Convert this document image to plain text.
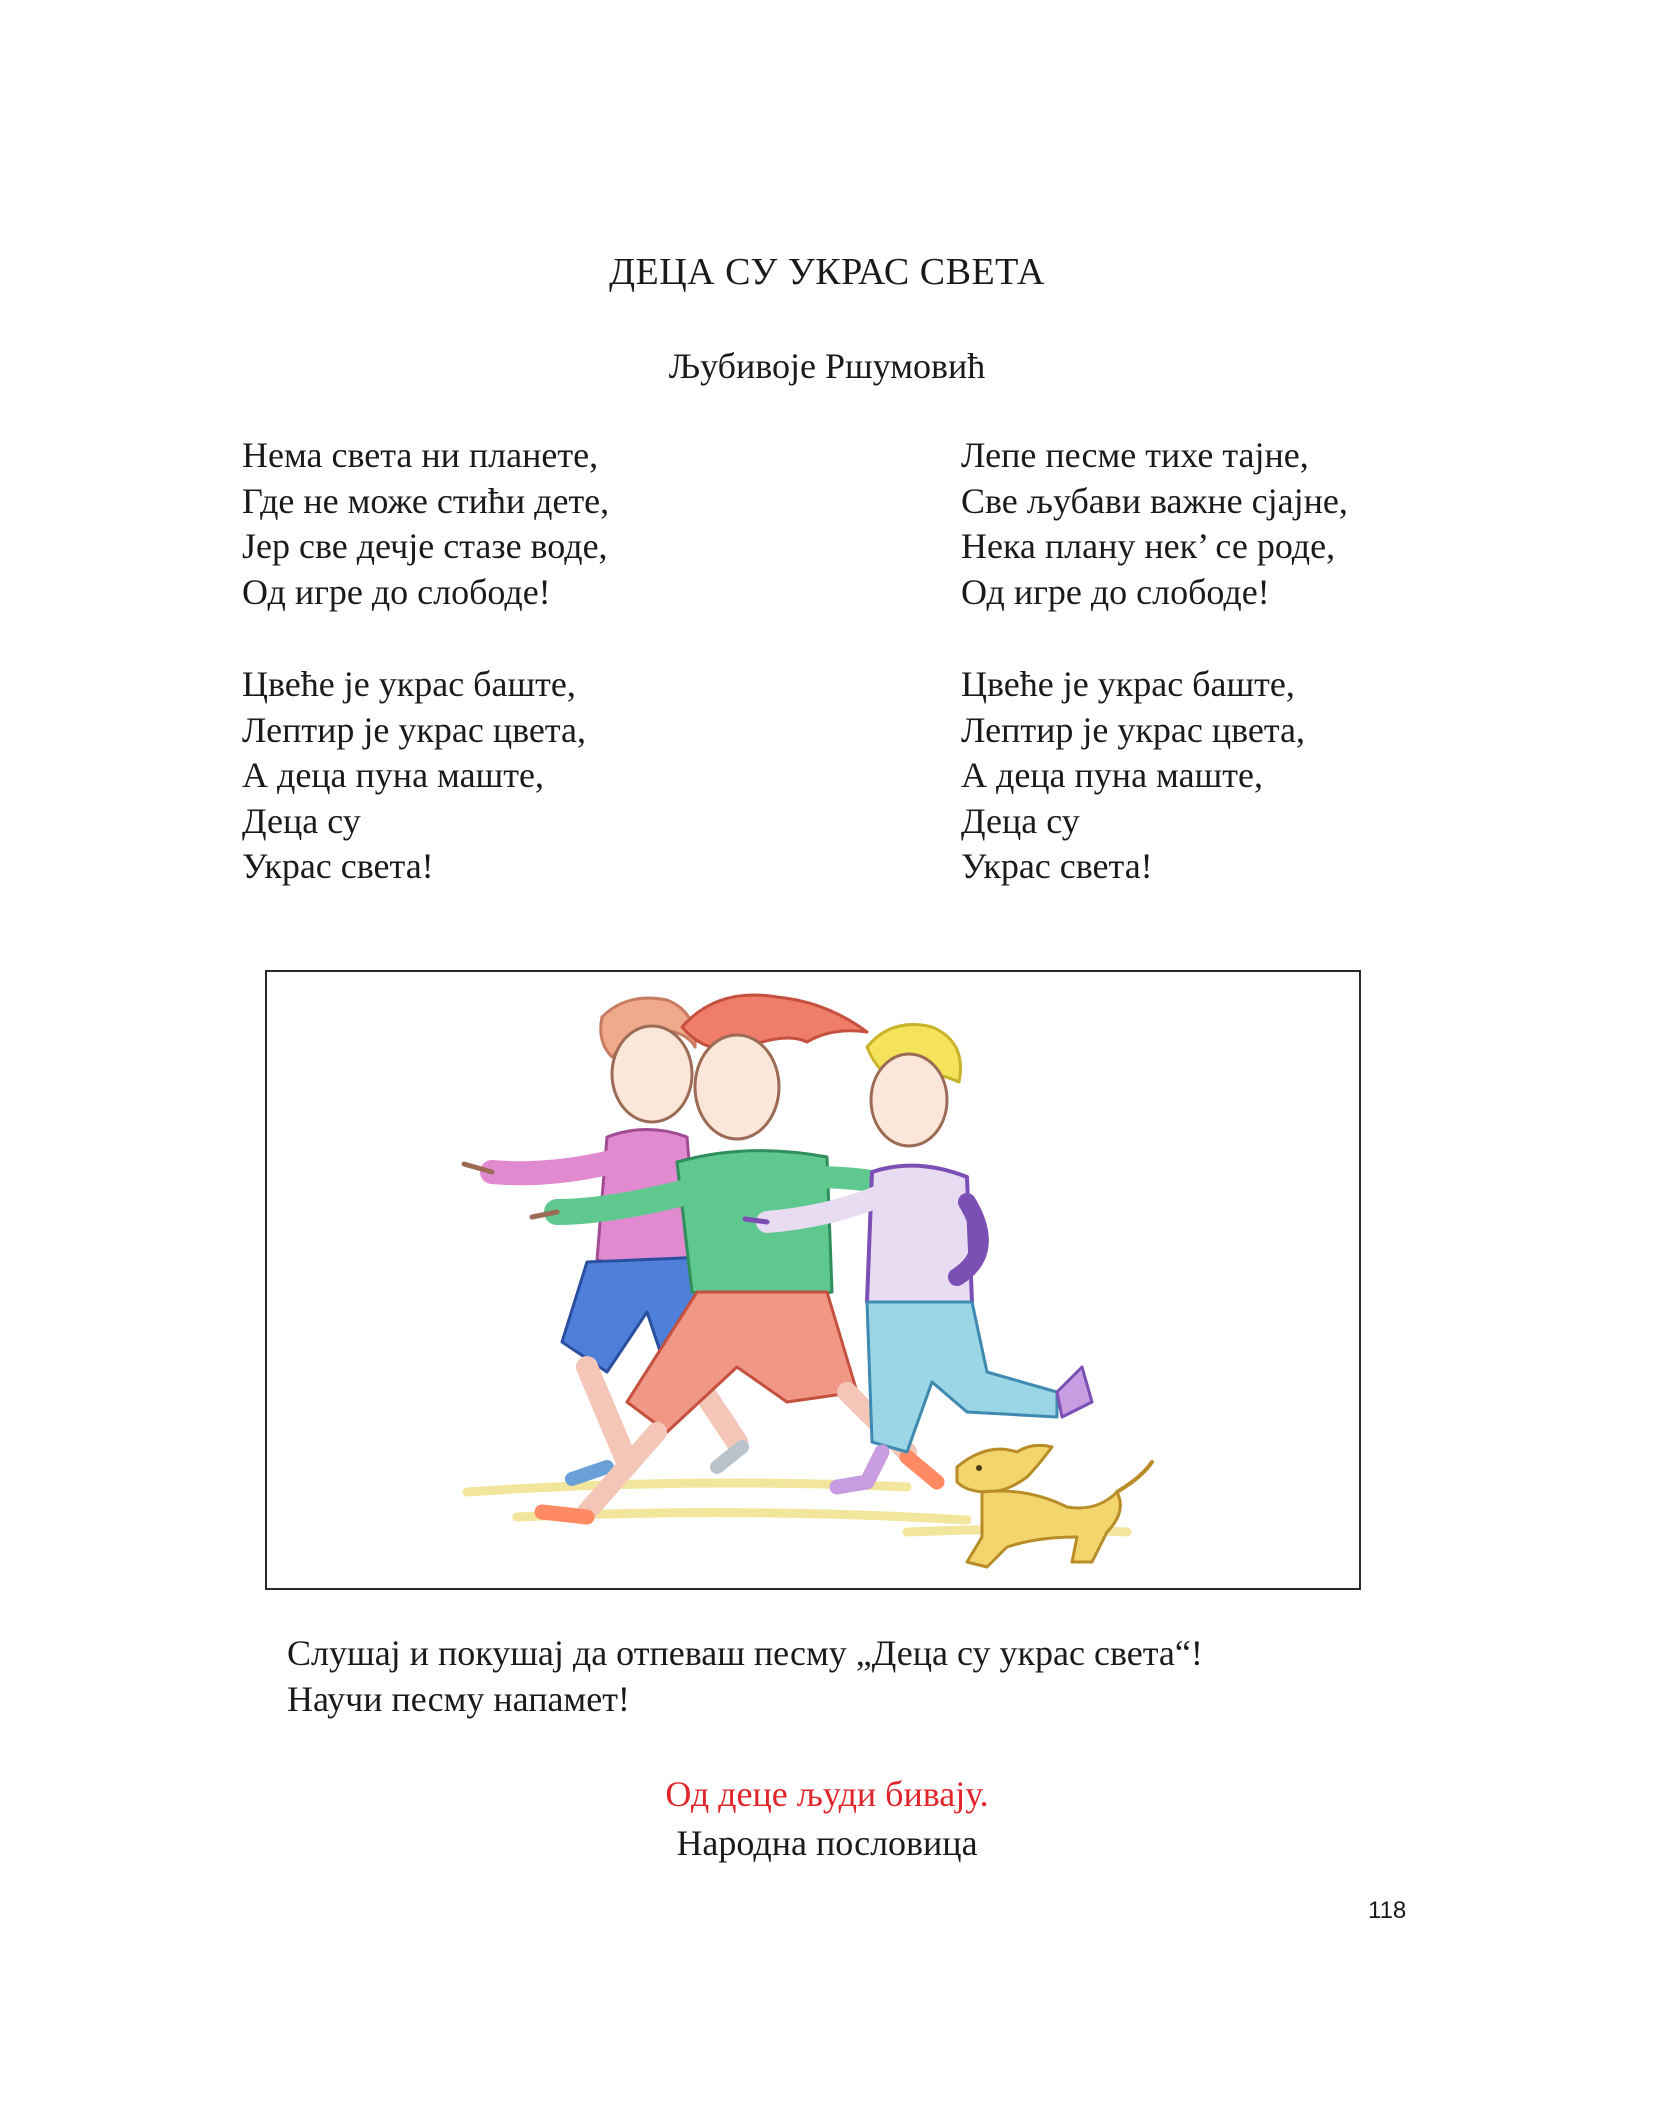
ДЕЦА СУ УКРАС СВЕТА
Љубивоје Ршумовић
Нема света ни планете,
Где не може стићи дете,
Јер све дечје стазе воде,
Од игре до слободе!
Цвеће је украс баште,
Лептир је украс цвета,
А деца пуна маште,
Деца су
Украс света!
Лепе песме тихе тајне,
Све љубави важне сјајне,
Нека плану нек’ се роде,
Од игре до слободе!
Цвеће је украс баште,
Лептир је украс цвета,
А деца пуна маште,
Деца су
Украс света!
Слушај и покушај да отпеваш песму „Деца су украс света“!
Научи песму напамет!
Од деце људи бивају.
Народна пословица
118
